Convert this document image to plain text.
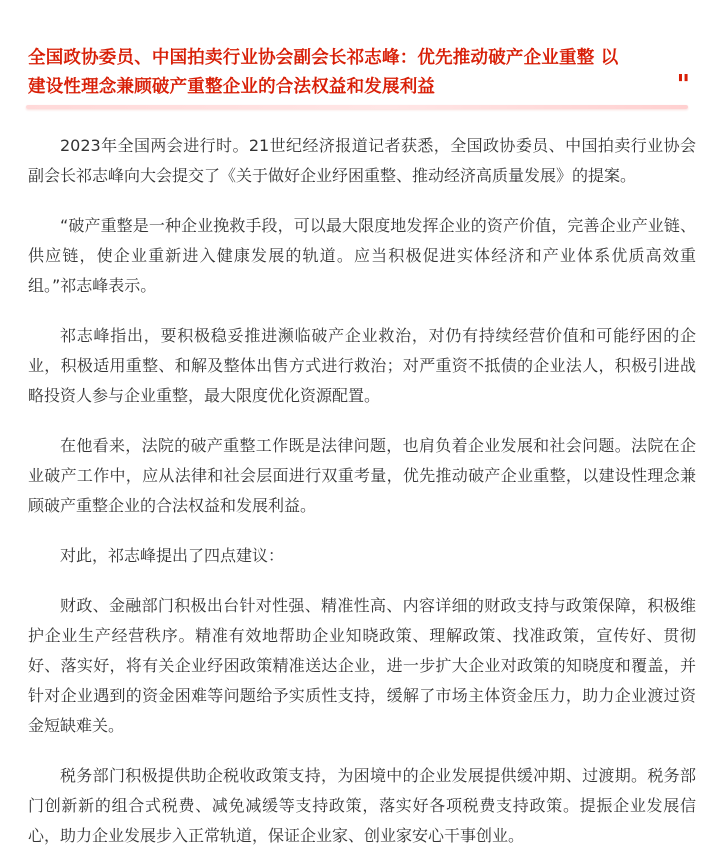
全国政协委员、中国拍卖行业协会副会长祁志峰：优先推动破产企业重整 以
建设性理念兼顾破产重整企业的合法权益和发展利益	"

2023年全国两会进行时。21世纪经济报道记者获悉，全国政协委员、中国拍卖行业协会副会长祁志峰向大会提交了《关于做好企业纾困重整、推动经济高质量发展》的提案。

“破产重整是一种企业挽救手段，可以最大限度地发挥企业的资产价值，完善企业产业链、供应链，使企业重新进入健康发展的轨道。应当积极促进实体经济和产业体系优质高效重组。”祁志峰表示。

祁志峰指出，要积极稳妥推进濒临破产企业救治，对仍有持续经营价值和可能纾困的企业，积极适用重整、和解及整体出售方式进行救治；对严重资不抵债的企业法人，积极引进战略投资人参与企业重整，最大限度优化资源配置。

在他看来，法院的破产重整工作既是法律问题，也肩负着企业发展和社会问题。法院在企业破产工作中，应从法律和社会层面进行双重考量，优先推动破产企业重整，以建设性理念兼顾破产重整企业的合法权益和发展利益。

对此，祁志峰提出了四点建议：

财政、金融部门积极出台针对性强、精准性高、内容详细的财政支持与政策保障，积极维护企业生产经营秩序。精准有效地帮助企业知晓政策、理解政策、找准政策，宣传好、贯彻好、落实好，将有关企业纾困政策精准送达企业，进一步扩大企业对政策的知晓度和覆盖，并针对企业遇到的资金困难等问题给予实质性支持，缓解了市场主体资金压力，助力企业渡过资金短缺难关。

税务部门积极提供助企税收政策支持，为困境中的企业发展提供缓冲期、过渡期。税务部门创新新的组合式税费、减免减缓等支持政策，落实好各项税费支持政策。提振企业发展信心，助力企业发展步入正常轨道，保证企业家、创业家安心干事创业。
